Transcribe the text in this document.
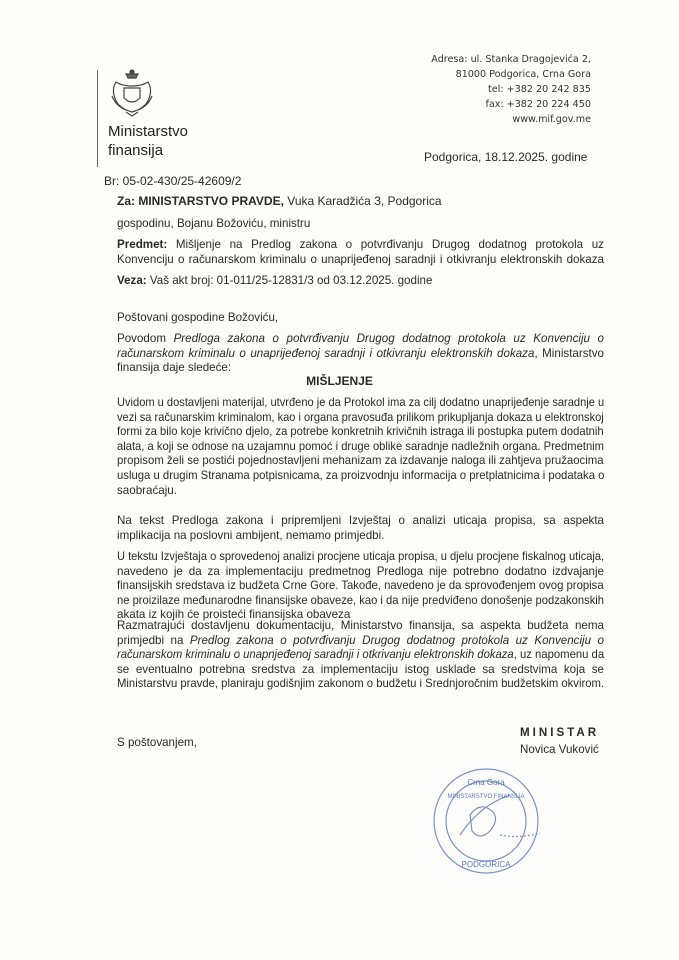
Adresa: ul. Stanka Dragojevića 2,
81000 Podgorica, Crna Gora
tel: +382 20 242 835
fax: +382 20 224 450
www.mif.gov.me
Ministarstvo
finansija	Podgorica, 18.12.2025. godine
Br: 05-02-430/25-42609/2
Za: MINISTARSTVO PRAVDE, Vuka Karadžića 3, Podgorica
gospodinu, Bojanu Božoviću, ministru
Predmet: Mišljenje na Predlog zakona o potvrđivanju Drugog dodatnog protokola uz
Konvenciju o računarskom kriminalu o unaprijeđenoj saradnji i otkivranju elektronskih dokaza
Veza: Vaš akt broj: 01-011/25-12831/3 od 03.12.2025. godine
Poštovani gospodine Božoviću,
MIŠLJENJE
Povodom Predloga zakona o potvrđivanju Drugog dodatnog protokola uz Konvenciju o
računarskom kriminalu o unaprijeđenoj saradnji i otkivranju elektronskih dokaza, Ministarstvo
finansija daje sledeće:
Uvidom u dostavljeni materijal, utvrđeno je da Protokol ima za cilj dodatno unaprijeđenje saradnje u
vezi sa računarskim kriminalom, kao i organa pravosuđa prilikom prikupljanja dokaza u elektronskoj
formi za bilo koje krivično djelo, za potrebe konkretnih krivičnih istraga ili postupka putem dodatnih
alata, a koji se odnose na uzajamnu pomoć i druge oblike saradnje nadležnih organa. Predmetnim
propisom želi se postići pojednostavljeni mehanizam za izdavanje naloga ili zahtjeva pružaocima
usluga u drugim Stranama potpisnicama, za proizvodnju informacija o pretplatnicima i podataka o
saobraćaju.
Na tekst Predloga zakona i pripremljeni Izvještaj o analizi uticaja propisa, sa aspekta
implikacija na poslovni ambijent, nemamo primjedbi.
U tekstu Izvještaja o sprovedenoj analizi procjene uticaja propisa, u djelu procjene fiskalnog uticaja,
navedeno je da za implementaciju predmetnog Predloga nije potrebno dodatno izdvajanje
finansijskih sredstava iz budžeta Crne Gore. Takođe, navedeno je da sprovođenjem ovog propisa
ne proizilaze međunarodne finansijske obaveze, kao i da nije predviđeno donošenje podzakonskih
akata iz kojih će proisteći finansijska obaveza
Razmatrajući dostavljenu dokumentaciju, Ministarstvo finansija, sa aspekta budžeta nema
primjedbi na Predlog zakona o potvrđivanju Drugog dodatnog protokola uz Konvenciju o
računarskom kriminalu o unapnjeđenoj saradnji i otkrivanju elektronskih dokaza, uz napomenu da
se eventualno potrebna sredstva za implementaciju istog usklade sa sredstvima koja se
Ministarstvu pravde, planiraju godišnjim zakonom o budžetu i Srednjoročnim budžetskim okvirom.
S poštovanjem,
Crna Gora
PODGORICA
MINISTARSTVO FINANSIJA
MINISTAR
Novica Vuković
